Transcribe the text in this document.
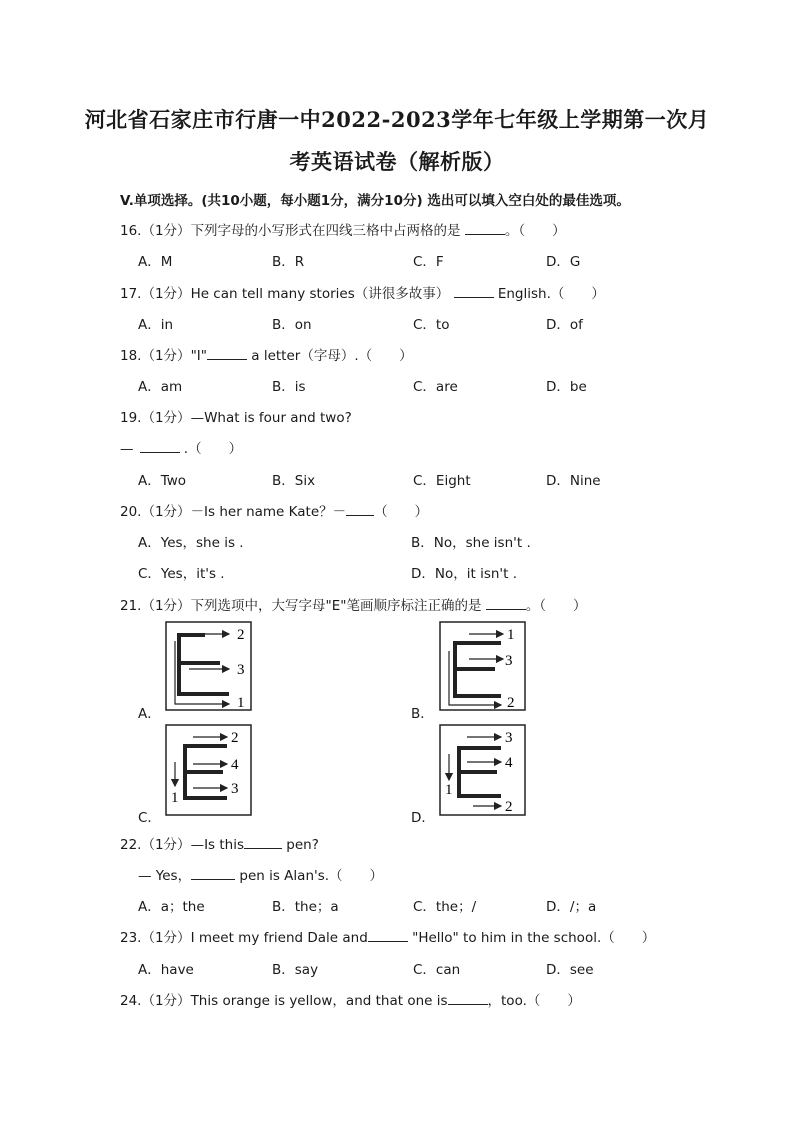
河北省石家庄市行唐一中2022-2023学年七年级上学期第一次月
考英语试卷（解析版）
V.单项选择。(共10小题，每小题1分，满分10分) 选出可以填入空白处的最佳选项。
16.（1分）下列字母的小写形式在四线三格中占两格的是	。（　　）
A．M	B．R	C．F	D．G
17.（1分）He can tell many stories（讲很多故事）	English.（　　）
A．in	B．on	C．to	D．of
18.（1分）"I"	a letter（字母）.（　　）
A．am	B．is	C．are	D．be
19.（1分）—What is four and two?
—	.（　　）
A．Two	B．Six	C．Eight	D．Nine
20.（1分）－Is her name Kate？－ （　　）
A．Yes，she is .	B．No，she isn't .
C．Yes，it's .	D．No，it isn't .
21.（1分）下列选项中，大写字母"E"笔画顺序标注正确的是	。（　　）
A．
2
3
1
B．
1
3
2
C．
1
2
4
3
D．
1
3
4
2
22.（1分）—Is this	pen?
— Yes，	pen is Alan's.（　　）
A．a；the	B．the；a	C．the；/	D．/；a
23.（1分）I meet my friend Dale and	"Hello" to him in the school.（　　）
A．have	B．say	C．can	D．see
24.（1分）This orange is yellow，and that one is	，too.（　　）
